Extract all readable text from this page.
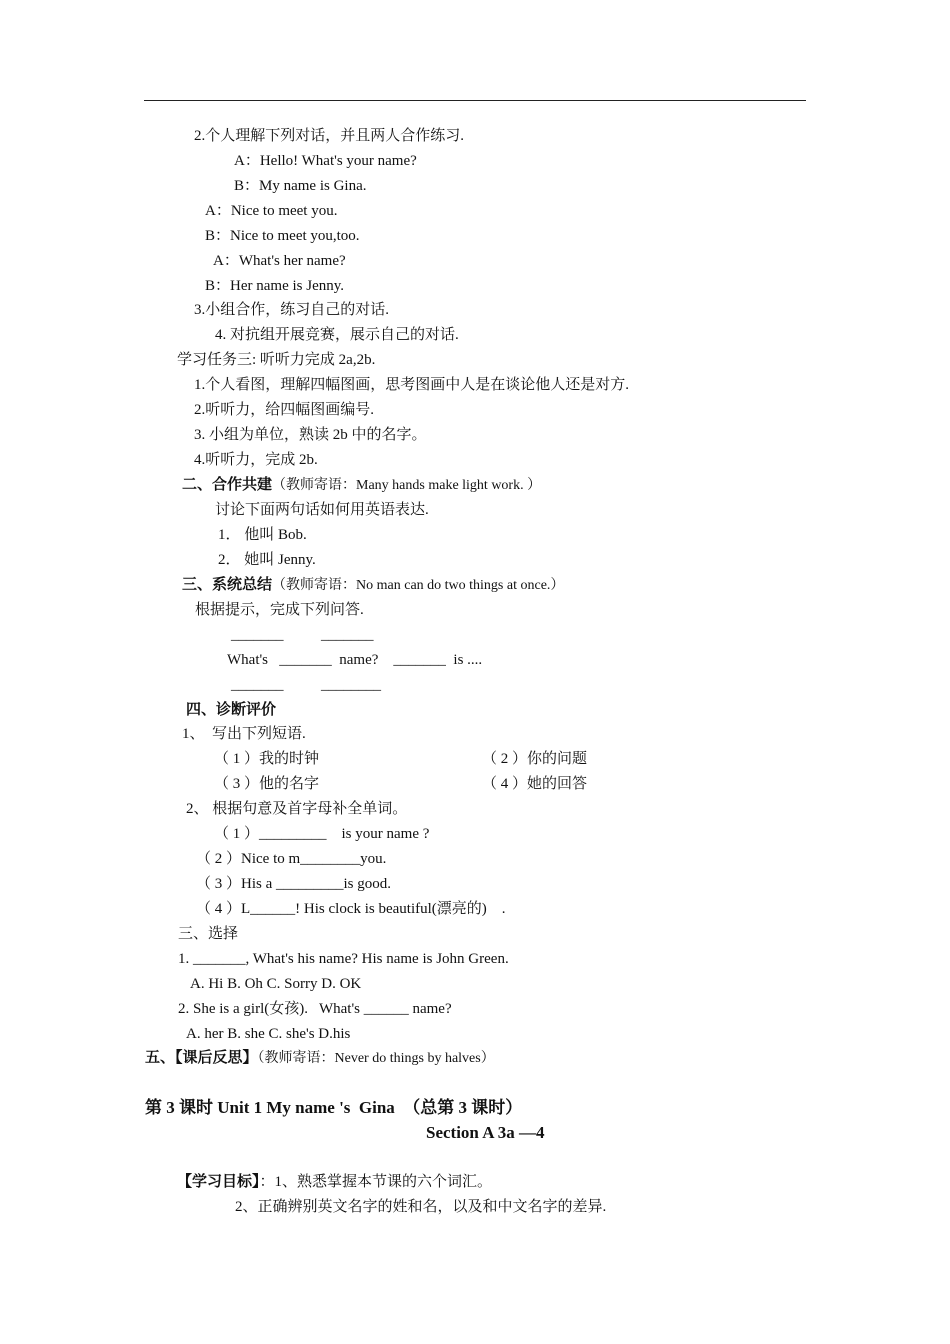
2.个人理解下列对话，并且两人合作练习.
A：Hello! What's your name?
B：My name is Gina.
A：Nice to meet you.
B：Nice to meet you,too.
A：What's her name?
B：Her name is Jenny.
3.小组合作，练习自己的对话.
4. 对抗组开展竞赛，展示自己的对话.
学习任务三: 听听力完成 2a,2b.
1.个人看图，理解四幅图画，思考图画中人是在谈论他人还是对方.
2.听听力，给四幅图画编号.
3. 小组为单位，熟读 2b 中的名字。
4.听听力，完成 2b.
二、合作共建（教师寄语：Many hands make light work. ）
讨论下面两句话如何用英语表达.
1． 他叫 Bob.
2． 她叫 Jenny.
三、系统总结（教师寄语：No man can do two things at once.）
根据提示，完成下列问答.
_______          _______
What's   _______  name?    _______  is ....
_______          ________
四、诊断评价
1、  写出下列短语.
（ 1 ）我的时钟	（ 2 ）你的问题
（ 3 ）他的名字	（ 4 ）她的回答
2、 根据句意及首字母补全单词。
（ 1 ）_________    is your name ?
（ 2 ）Nice to m________you.
（ 3 ）His a _________is good.
（ 4 ）L______! His clock is beautiful(漂亮的)    .
三、选择
1. _______, What's his name? His name is John Green.
A. Hi B. Oh C. Sorry D. OK
2. She is a girl(女孩).   What's ______ name?
A. her B. she C. she's D.his
五、【课后反思】（教师寄语：Never do things by halves）
第 3 课时 Unit 1 My name 's  Gina  （总第 3 课时）
Section A 3a —4
【学习目标】：1、熟悉掌握本节课的六个词汇。
2、正确辨别英文名字的姓和名，以及和中文名字的差异.
